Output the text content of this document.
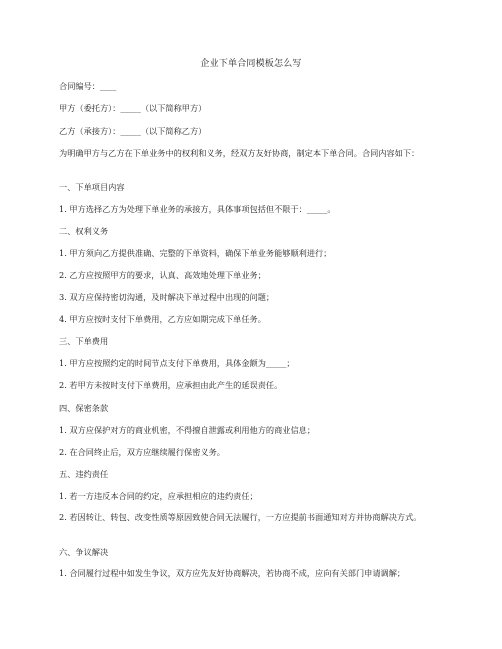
企业下单合同模板怎么写
合同编号：____
甲方（委托方）：_____（以下简称甲方）
乙方（承接方）：_____（以下简称乙方）
为明确甲方与乙方在下单业务中的权利和义务，经双方友好协商，制定本下单合同。合同内容如下：
一、下单项目内容
1. 甲方选择乙方为处理下单业务的承接方，具体事项包括但不限于：_____。
二、权利义务
1. 甲方须向乙方提供准确、完整的下单资料，确保下单业务能够顺利进行；
2. 乙方应按照甲方的要求，认真、高效地处理下单业务；
3. 双方应保持密切沟通，及时解决下单过程中出现的问题；
4. 甲方应按时支付下单费用，乙方应如期完成下单任务。
三、下单费用
1. 甲方应按照约定的时间节点支付下单费用，具体金额为_____；
2. 若甲方未按时支付下单费用，应承担由此产生的延误责任。
四、保密条款
1. 双方应保护对方的商业机密，不得擅自泄露或利用他方的商业信息；
2. 在合同终止后，双方应继续履行保密义务。
五、违约责任
1. 若一方违反本合同的约定，应承担相应的违约责任；
2. 若因转让、转包、改变性质等原因致使合同无法履行，一方应提前书面通知对方并协商解决方式。
六、争议解决
1. 合同履行过程中如发生争议，双方应先友好协商解决，若协商不成，应向有关部门申请调解；
